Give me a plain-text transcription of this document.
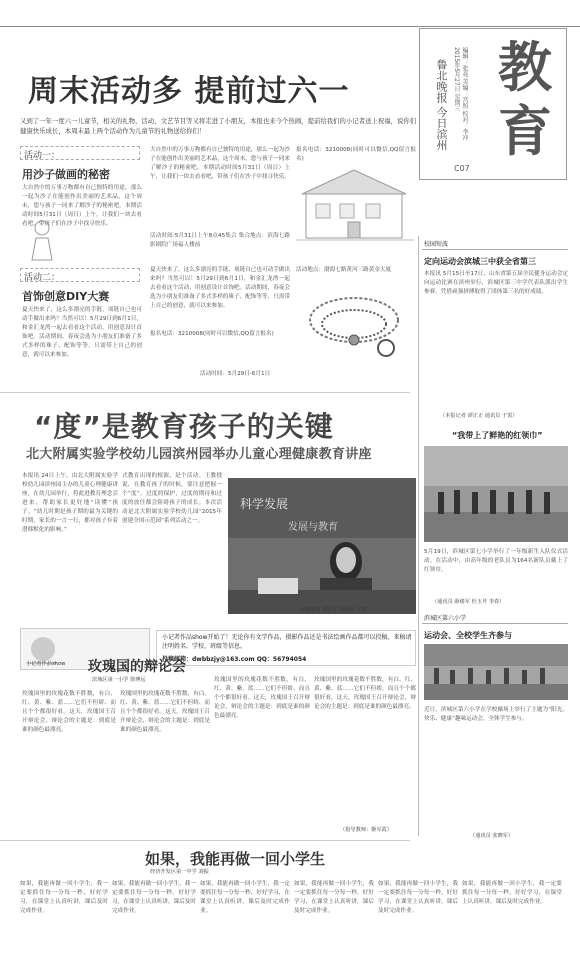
教育
鲁北晚报 今日滨州	编辑：张亮 美编：宫照 校对：李冲 2015年5月27日 星期三
C07
周末活动多 提前过六一
又到了一年一度六一儿童节，相关的礼物、活动、文艺节目等又将走进了小朋友，本报也来今个热闹，提前给我们的小记者送上祝福，说你们健康快乐成长，本周末最上两个活动作为儿童节的礼物送给你们！
活动一：
用沙子做画的秘密
大自然中的万事万物都有自已独特的用途，那么一起为沙子在能创作出美丽的艺术品，这个周末，您与孩子一同来了解沙子的秘密吧。本期活动时间5月31日（周日）上午，让我们一块去看看吧，带孩子们在沙子中找寻快乐。
大自然中的万事万物都有自已独特的用途，那么一起为沙子在能创作出美丽的艺术品，这个周末，您与孩子一同来了解沙子的秘密吧。本期活动时间5月31日（周日）上午，让我们一块去看看吧，带孩子们在沙子中找寻快乐。
活动时间:5月31日上午8点45集合 集合地点：滨海七路影剧院广场福人楼前
报名电话：3210008(同时可以微信,QQ留言报名)
活动二：
首饰创意DIY大赛
夏天快来了，这么多漂亮的手链、项链自己也可动手做出来吗？当然可以！5月29日到6月1日，和金汇龙湾一起去看看这个活动，用创意设计首饰吧。活动期间，春夜会选为小朋友们准备了多式多样的珠子、配饰等等，只需带上自己的创意，就可以来参加。
夏天快来了，这么多漂亮的手链、项链自己也可动手做出来吗？当然可以！5月29日到6月1日，和金汇龙湾一起去看看这个活动，用创意设计首饰吧。活动期间，春夜会选为小朋友们准备了多式多样的珠子、配饰等等，只需带上自己的创意，就可以来参加。
活动地点：渤海七路黄河三路黄金大厦
报名电话：3210008(同时可以微信,QQ留言报名)
活动时间：5月29日-6月1日
“度”是教育孩子的关键
北大附属实验学校幼儿园滨州园举办儿童心理健康教育讲座
本报讯 24日上午，由北大附属实验学校幼儿园滨州园主办的儿童心理健康讲座，在幼儿园举行，将此进教育理念引进来，帮助家长更好地“读懂”孩子。“幼儿时期是孩子期的最为关键的时期，家长的一言一行，都对孩子有着潜移默化的影响。”
式教育出现的根源，是个活动。王教授说，在教育孩子的时候，要注意把握一个“度”，过度的保护，过度的期待和过度的放任都会阻碍孩子的成长。本次活动是北大附属实验学校幼儿园“2015年创建全国示范园”系列活动之一。
科学发展
发展与教育
本报记者 谭正正 通讯员 于霄
小记者作品show
小记者作品show开始了！无论你有文学作品，摄影作品还是书法绘画作品都可以投稿，来稿请注明姓名、学校、班级等信息。
投稿邮箱：dwbbzjy@163.com QQ：56794054
玫瑰国的辩论会
滨城区第一小学 徐博远
玫瑰国里的玫瑰花数不胜数，有白、红、黄、紫、蓝……它们不但娇、而且个个都很好看。这天，玫瑰国王召开辩论会，辩论会的主题是：到底是谁的颜色最漂亮。
玫瑰国里的玫瑰花数不胜数，有白、红、黄、紫、蓝……它们不但娇、而且个个都很好看。这天，玫瑰国王召开辩论会，辩论会的主题是：到底是谁的颜色最漂亮。
玫瑰国里的玫瑰花数不胜数，有白、红、黄、紫、蓝……它们不但娇、而且个个都很好看。这天，玫瑰国王召开辩论会，辩论会的主题是：到底是谁的颜色最漂亮。
玫瑰国里的玫瑰花数不胜数，有白、红、黄、紫、蓝……它们不但娇、而且个个都很好看。这天，玫瑰国王召开辩论会，辩论会的主题是：到底是谁的颜色最漂亮。
（指导教师：姬军霞）
如果，我能再做一回小学生
经济开发区第一中学 刘振
如果，我能再做一回小学生，我一定要抓住每一分每一秒，好好学习，在课堂上认真听讲，课后及时完成作业。
如果，我能再做一回小学生，我一定要抓住每一分每一秒，好好学习，在课堂上认真听讲，课后及时完成作业。
如果，我能再做一回小学生，我一定要抓住每一分每一秒，好好学习，在课堂上认真听讲，课后及时完成作业。
如果，我能再做一回小学生，我一定要抓住每一分每一秒，好好学习，在课堂上认真听讲，课后及时完成作业。
如果，我能再做一回小学生，我一定要抓住每一分每一秒，好好学习，在课堂上认真听讲，课后及时完成作业。
如果，我能再做一回小学生，我一定要抓住每一分每一秒，好好学习，在课堂上认真听讲，课后及时完成作业。
校园短波
定向运动会滨城三中获全省第三
本报讯 5月15日至17日，山东省第五届全民健身运动会定向运动比赛在滨州举行，滨城区第三中学代表队派出学生参赛，凭借顽强拼搏取得了团体第三名的好成绩。
（本报记者 谭正正 通讯员 于霄）
“我带上了鲜艳的红领巾”
5月19日，滨城区第七小学举行了一年级新生入队仪式活动。在活动中，由高年级的老队员为164名新队员戴上了红领巾。
（通讯员 薛绪军 杜玉芹 李春）
滨城区第六小学
运动会、全校学生齐参与
近日，滨城区第六小学在学校操场上举行了主题为“阳光、快乐、健康”趣味运动会，全体学生参与。
（通讯员 张晓军）
